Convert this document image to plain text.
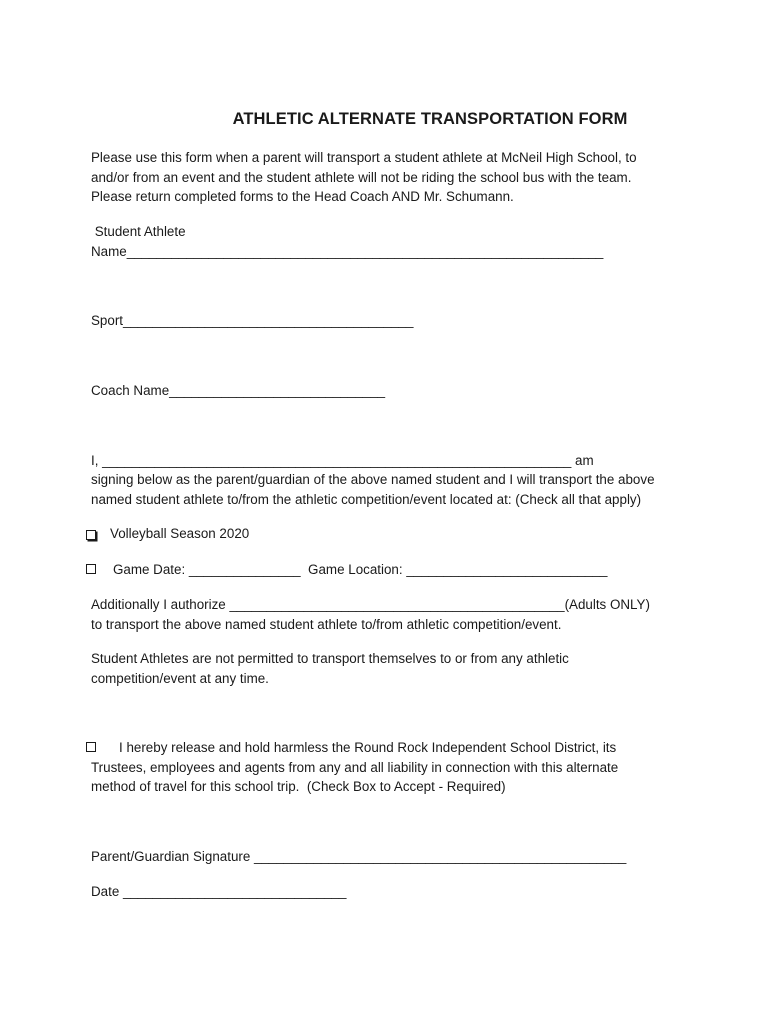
ATHLETIC ALTERNATE TRANSPORTATION FORM
Please use this form when a parent will transport a student athlete at McNeil High School, to
and/or from an event and the student athlete will not be riding the school bus with the team.
Please return completed forms to the Head Coach AND Mr. Schumann.
Student Athlete
Name________________________________________________________________
Sport_______________________________________
Coach Name_____________________________
I, _______________________________________________________________ am
signing below as the parent/guardian of the above named student and I will transport the above
named student athlete to/from the athletic competition/event located at: (Check all that apply)
Volleyball Season 2020
Game Date: _______________  Game Location: ___________________________
Additionally I authorize _____________________________________________(Adults ONLY)
to transport the above named student athlete to/from athletic competition/event.
Student Athletes are not permitted to transport themselves to or from any athletic
competition/event at any time.
I hereby release and hold harmless the Round Rock Independent School District, its
Trustees, employees and agents from any and all liability in connection with this alternate
method of travel for this school trip.  (Check Box to Accept - Required)
Parent/Guardian Signature __________________________________________________
Date ______________________________
